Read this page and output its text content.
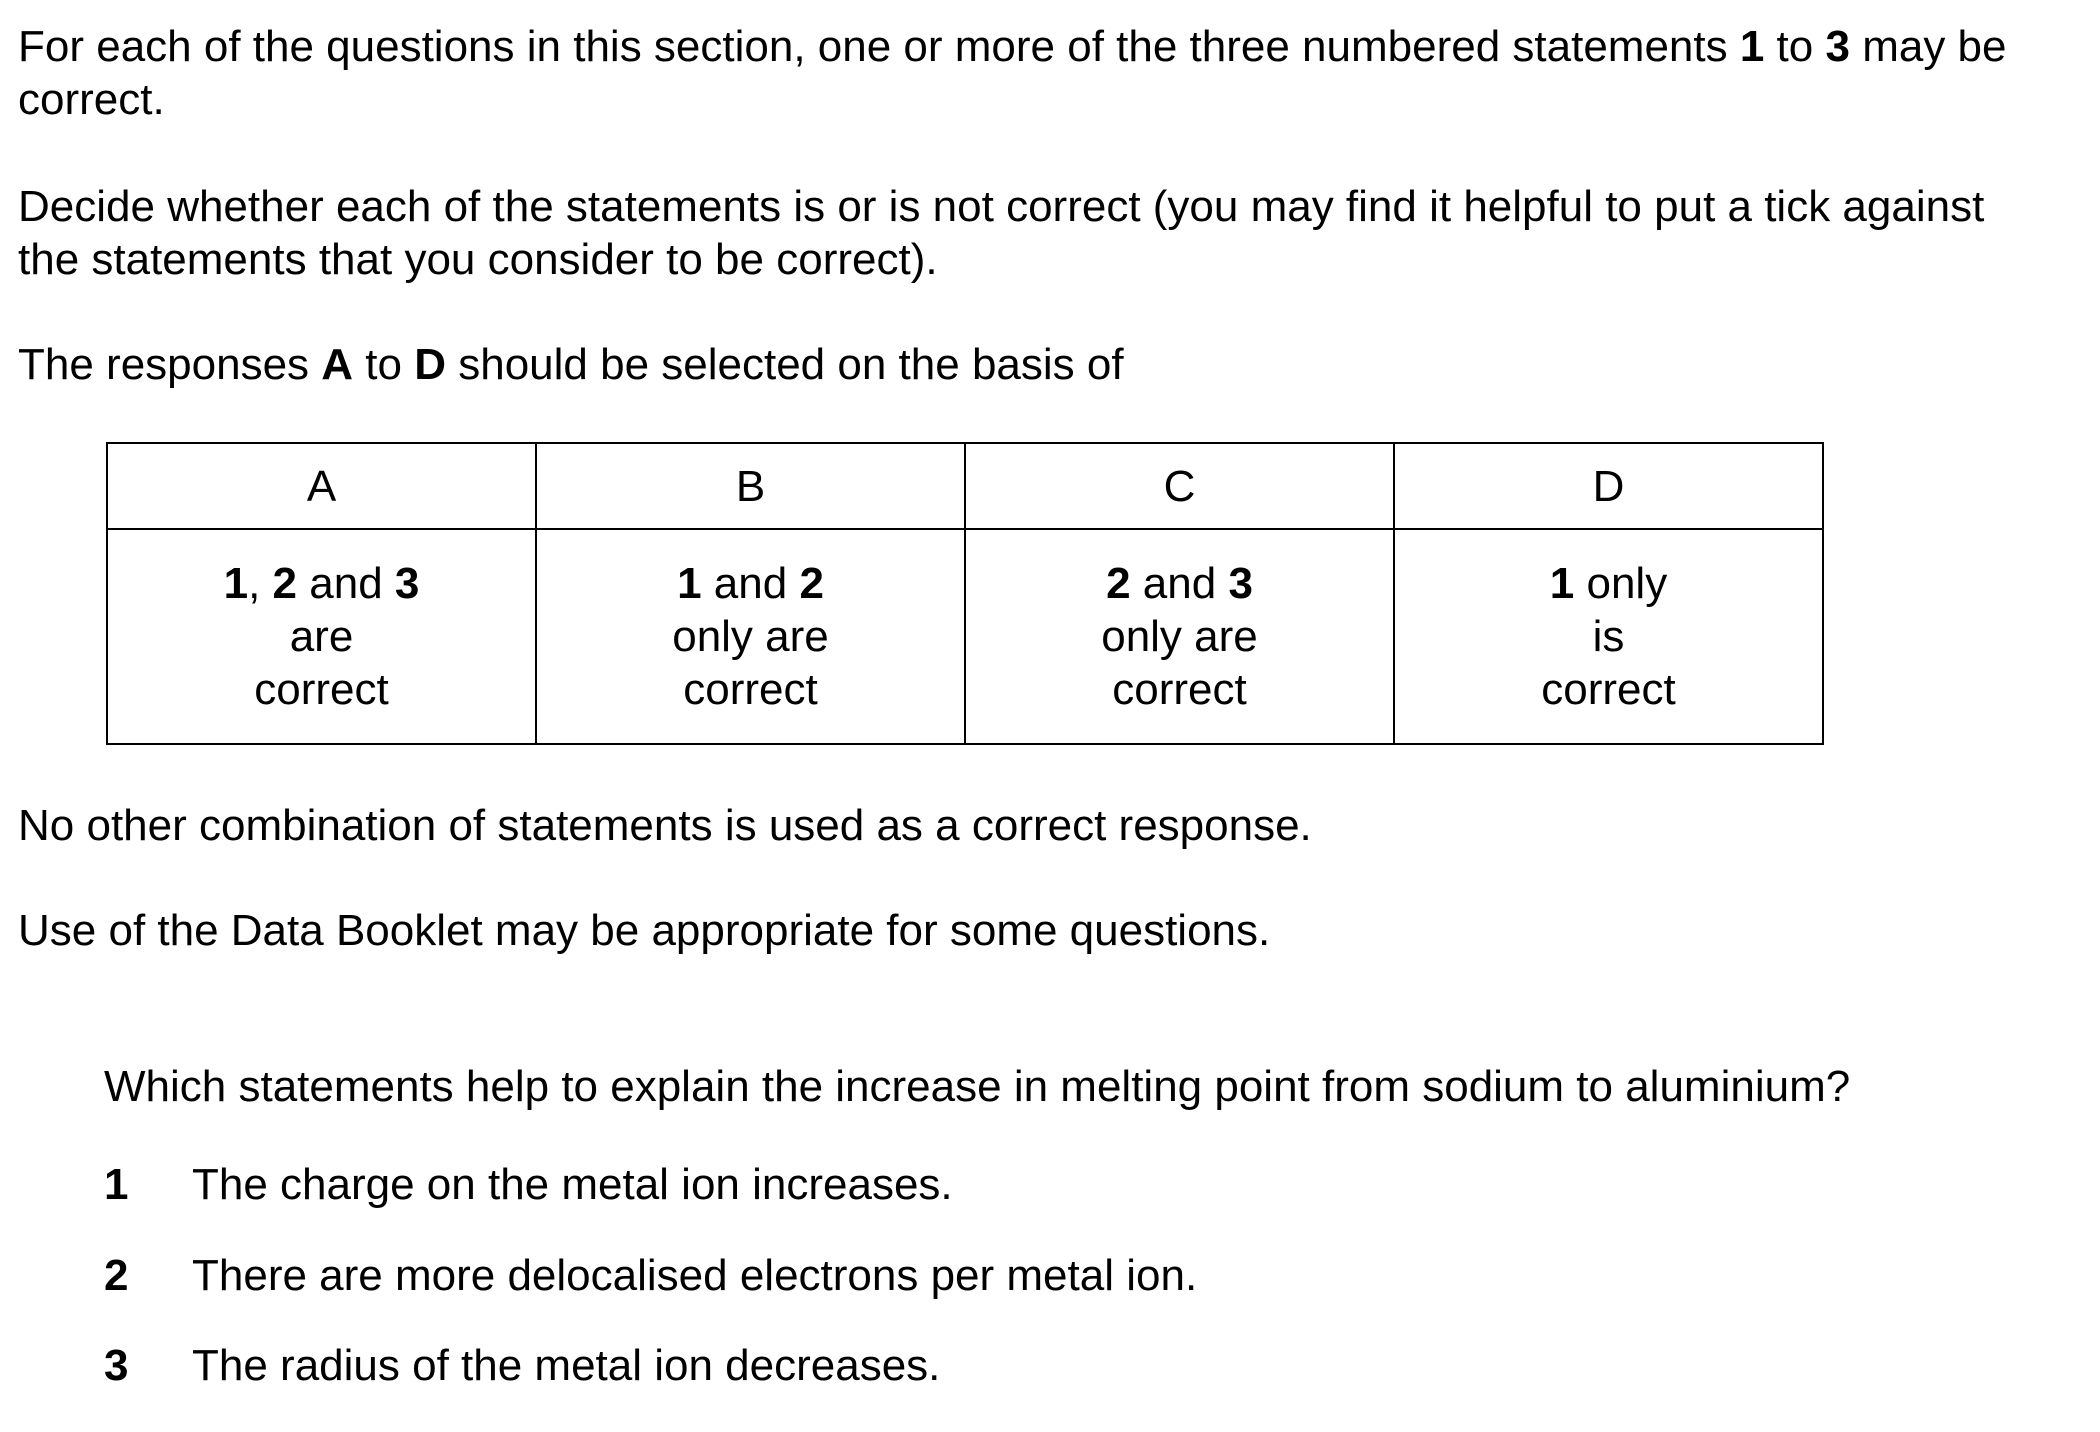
For each of the questions in this section, one or more of the three numbered statements 1 to 3 may be correct.

Decide whether each of the statements is or is not correct (you may find it helpful to put a tick against
the statements that you consider to be correct).

The responses A to D should be selected on the basis of

A	B	C	D

1, 2 and 3
are
correct	1 and 2
only are
correct	2 and 3
only are
correct	1 only
is
correct

No other combination of statements is used as a correct response.

Use of the Data Booklet may be appropriate for some questions.

Which statements help to explain the increase in melting point from sodium to aluminium?

1 The charge on the metal ion increases.
2 There are more delocalised electrons per metal ion.
3 The radius of the metal ion decreases.
